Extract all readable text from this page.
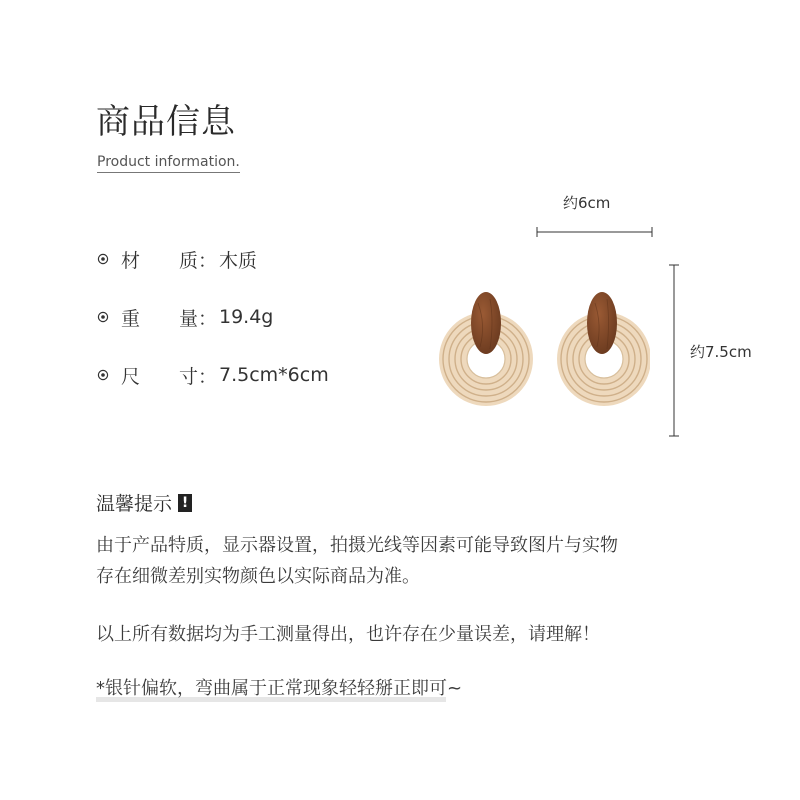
商品信息
Product information.
材 质： 木质
重 量： 19.4g
尺 寸： 7.5cm*6cm
约6cm
约7.5cm
温馨提示 !
由于产品特质，显示器设置，拍摄光线等因素可能导致图片与实物
存在细微差别实物颜色以实际商品为准。
以上所有数据均为手工测量得出，也许存在少量误差，请理解！
*银针偏软，弯曲属于正常现象轻轻掰正即可~
